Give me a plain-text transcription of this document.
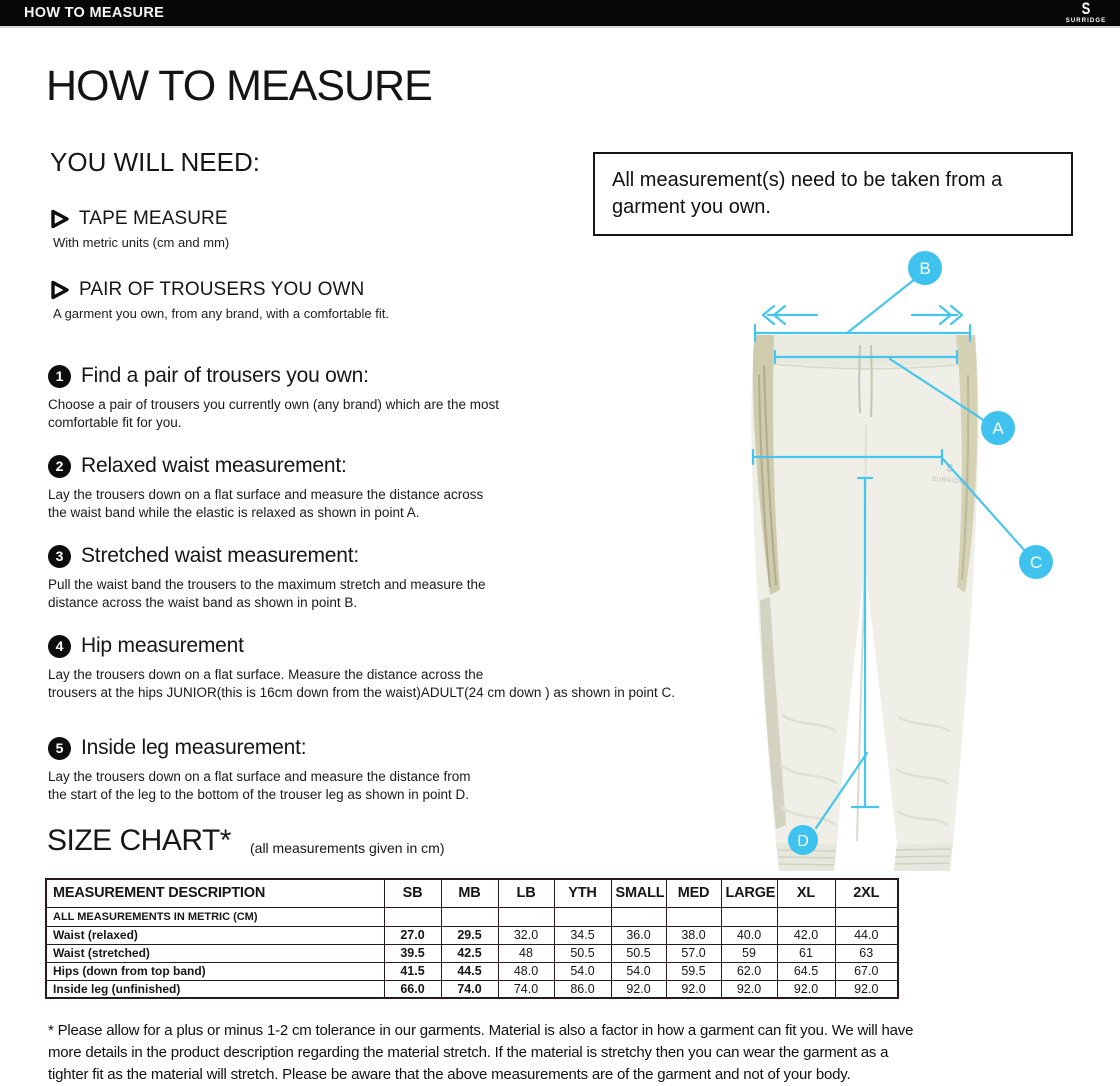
HOW TO MEASURE	S
SURRIDGE
HOW TO MEASURE
YOU WILL NEED:
TAPE MEASURE
With metric units (cm and mm)
PAIR OF TROUSERS YOU OWN
A garment you own, from any brand, with a comfortable fit.
All measurement(s) need to be taken from a garment you own.
1 Find a pair of trousers you own:
Choose a pair of trousers you currently own (any brand) which are the most
comfortable fit for you.
2 Relaxed waist measurement:
Lay the trousers down on a flat surface and measure the distance across
the waist band while the elastic is relaxed as shown in point A.
3 Stretched waist measurement:
Pull the waist band the trousers to the maximum stretch and measure the
distance across the waist band as shown in point B.
4 Hip measurement
Lay the trousers down on a flat surface. Measure the distance across the
trousers at the hips JUNIOR(this is 16cm down from the waist)ADULT(24 cm down ) as shown in point C.
5 Inside leg measurement:
Lay the trousers down on a flat surface and measure the distance from
the start of the leg to the bottom of the trouser leg as shown in point D.
S
SURRIDGE
B
A
C
D
SIZE CHART* (all measurements given in cm)
MEASUREMENT DESCRIPTION	SB	MB	LB	YTH	SMALL	MED	LARGE	XL	2XL
ALL MEASUREMENTS IN METRIC (CM)									
Waist (relaxed)	27.0	29.5	32.0	34.5	36.0	38.0	40.0	42.0	44.0
Waist (stretched)	39.5	42.5	48	50.5	50.5	57.0	59	61	63
Hips (down from top band)	41.5	44.5	48.0	54.0	54.0	59.5	62.0	64.5	67.0
Inside leg (unfinished)	66.0	74.0	74.0	86.0	92.0	92.0	92.0	92.0	92.0
* Please allow for a plus or minus 1-2 cm tolerance in our garments. Material is also a factor in how a garment can fit you. We will have
more details in the product description regarding the material stretch. If the material is stretchy then you can wear the garment as a
tighter fit as the material will stretch. Please be aware that the above measurements are of the garment and not of your body.
